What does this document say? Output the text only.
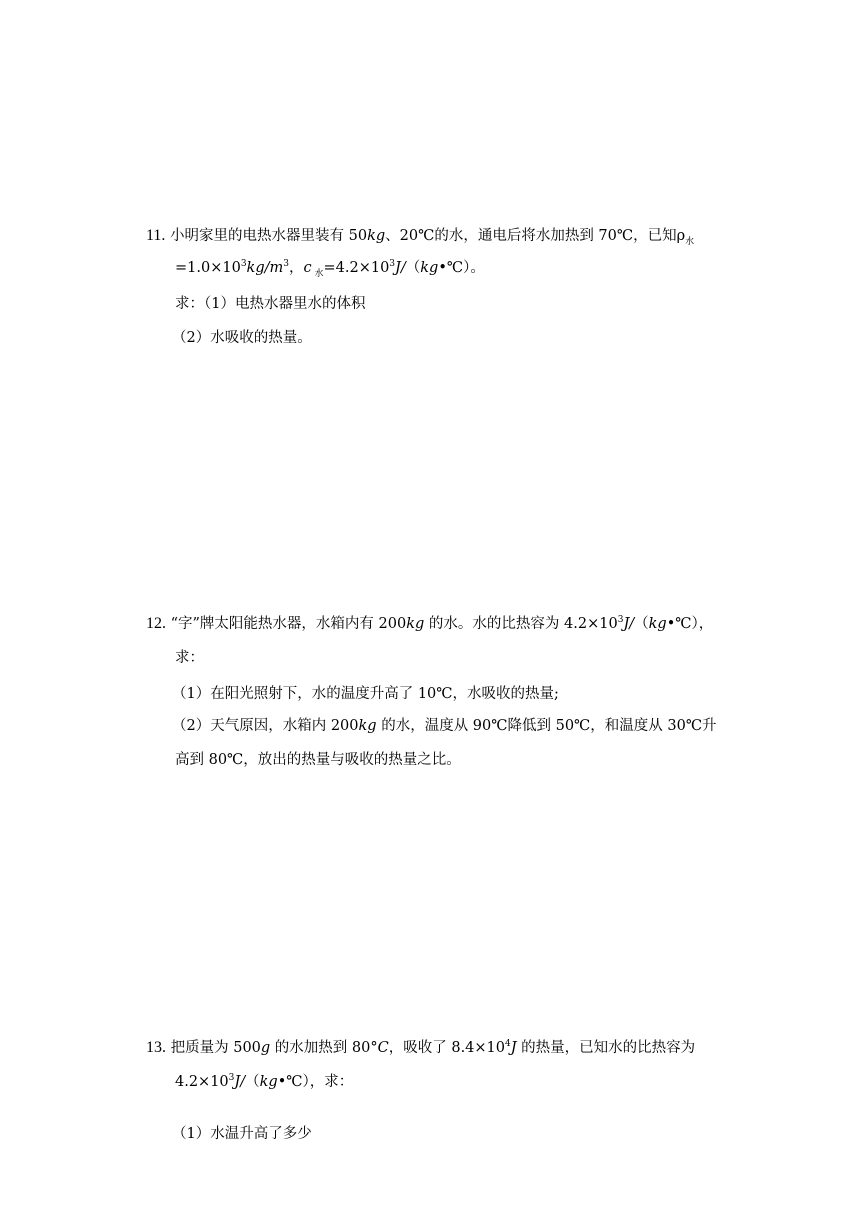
11. 小明家里的电热水器里装有 50kg、20℃的水，通电后将水加热到 70℃，已知$\rho_水$
$=1.0\times 10^3kg/m^3$，c $_水=4.2\times 10^3J/(kg•℃)$。
求：（1）电热水器里水的体积
（2）水吸收的热量。
12. “字”牌太阳能热水器，水箱内有 200kg 的水。水的比热容为 $4.2\times 10^3J/(kg•℃)$，
求：
（1）在阳光照射下，水的温度升高了 10℃，水吸收的热量;
（2）天气原因，水箱内 200kg 的水，温度从 90℃降低到 50℃，和温度从 30℃升
高到 80℃，放出的热量与吸收的热量之比。
13. 把质量为 500g 的水加热到 80°C，吸收了 $8.4\times 10^4J$ 的热量，已知水的比热容为
$4.2\times 10^3J/(kg•℃)$，求：
（1）水温升高了多少
